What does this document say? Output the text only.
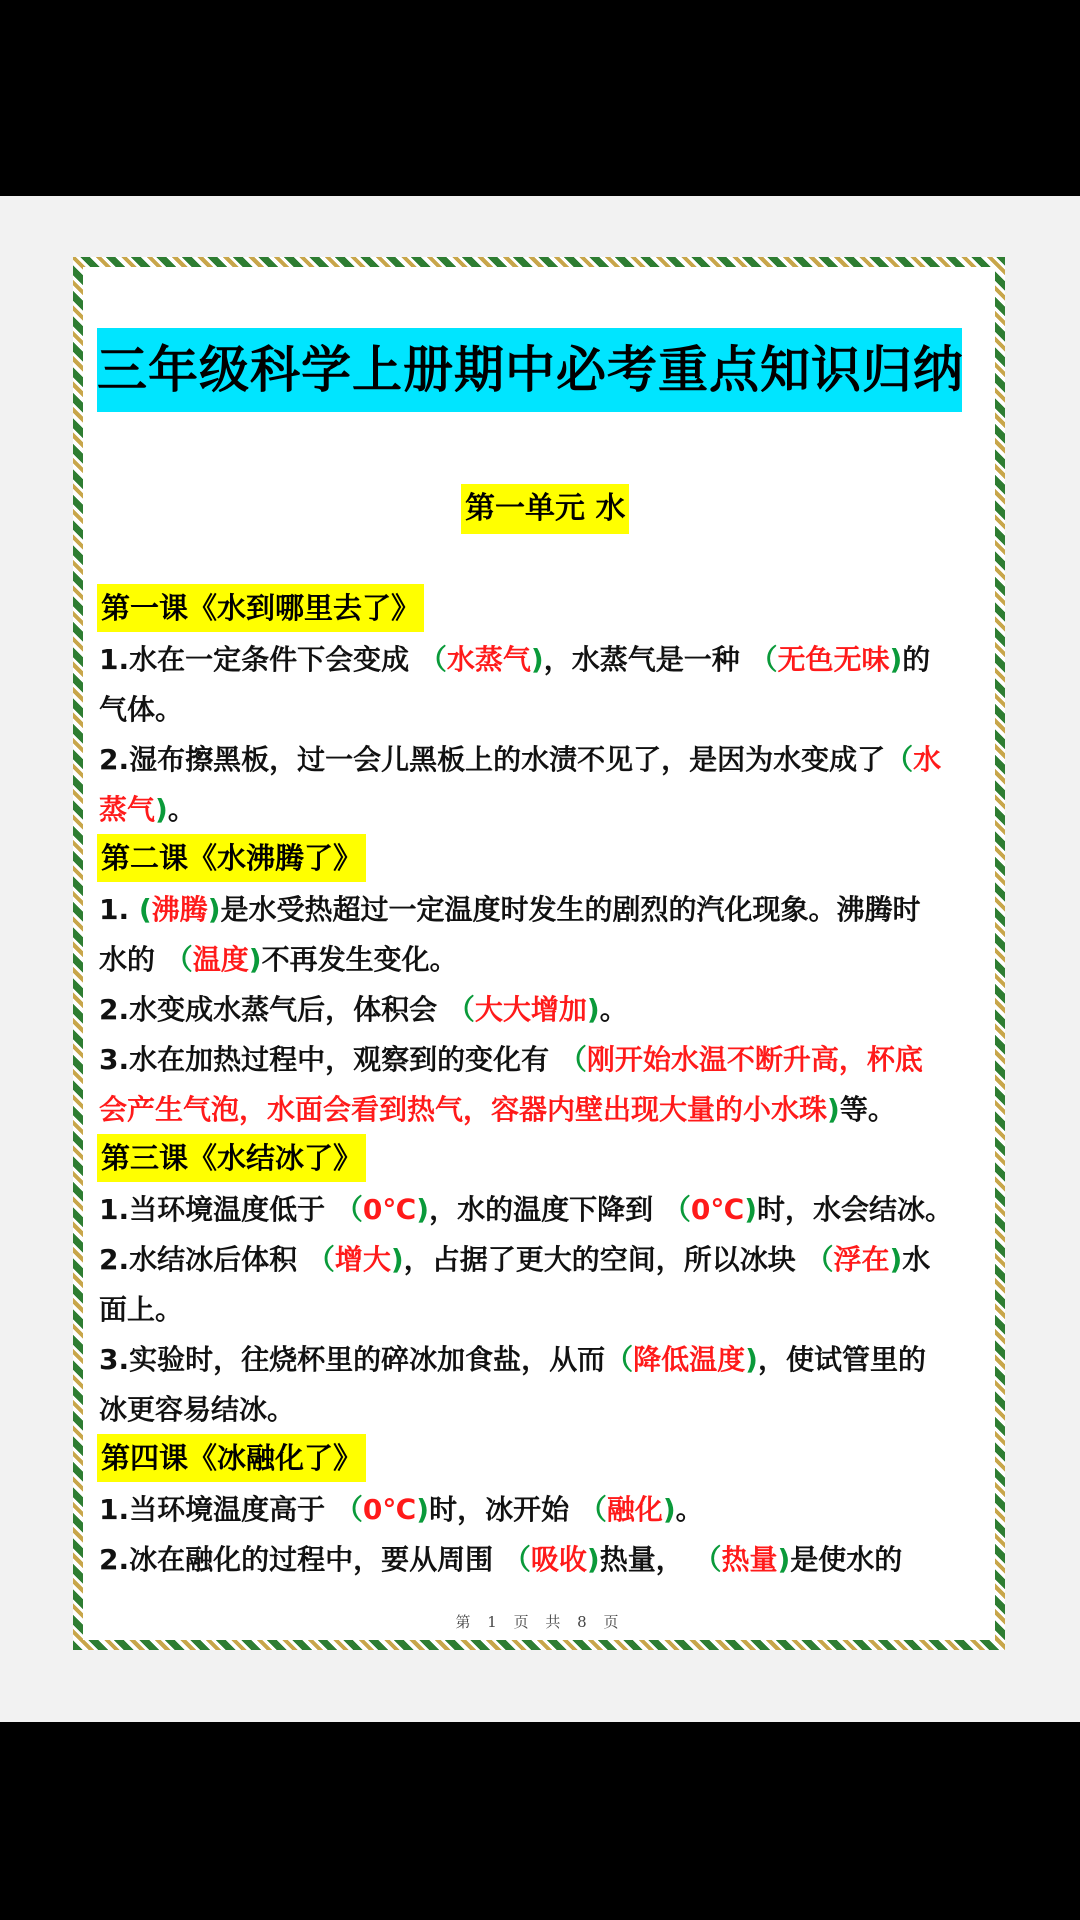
三年级科学上册期中必考重点知识归纳
第一单元 水
第一课《水到哪里去了》
1.水在一定条件下会变成 （水蒸气)，水蒸气是一种 （无色无味)的
气体。
2.湿布擦黑板，过一会儿黑板上的水渍不见了，是因为水变成了（水
蒸气)。
第二课《水沸腾了》
1. (沸腾)是水受热超过一定温度时发生的剧烈的汽化现象。沸腾时
水的 （温度)不再发生变化。
2.水变成水蒸气后，体积会 （大大增加)。
3.水在加热过程中，观察到的变化有 （刚开始水温不断升高，杯底
会产生气泡，水面会看到热气，容器内壁出现大量的小水珠)等。
第三课《水结冰了》
1.当环境温度低于 （0℃)，水的温度下降到 （0℃)时，水会结冰。
2.水结冰后体积 （增大)，占据了更大的空间，所以冰块 （浮在)水
面上。
3.实验时，往烧杯里的碎冰加食盐，从而（降低温度)，使试管里的
冰更容易结冰。
第四课《冰融化了》
1.当环境温度高于 （0℃)时，冰开始 （融化)。
2.冰在融化的过程中，要从周围 （吸收)热量， （热量)是使水的
第 1 页 共 8 页
